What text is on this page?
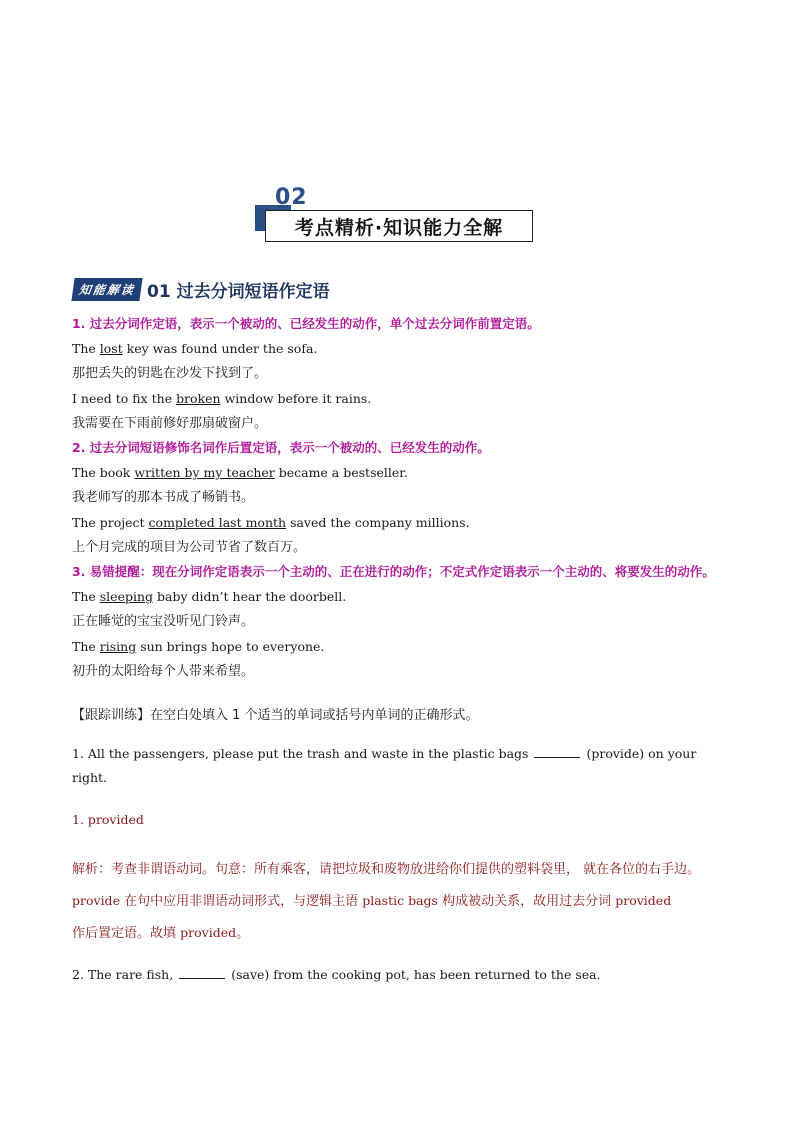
02
考点精析·知识能力全解
知能解读 01 过去分词短语作定语

1. 过去分词作定语，表示一个被动的、已经发生的动作，单个过去分词作前置定语。

The lost key was found under the sofa.

那把丢失的钥匙在沙发下找到了。

I need to fix the broken window before it rains.

我需要在下雨前修好那扇破窗户。

2. 过去分词短语修饰名词作后置定语，表示一个被动的、已经发生的动作。

The book written by my teacher became a bestseller.

我老师写的那本书成了畅销书。

The project completed last month saved the company millions.

上个月完成的项目为公司节省了数百万。

3. 易错提醒：现在分词作定语表示一个主动的、正在进行的动作；不定式作定语表示一个主动的、将要发生的动作。

The sleeping baby didn’t hear the doorbell.

正在睡觉的宝宝没听见门铃声。

The rising sun brings hope to everyone.

初升的太阳给每个人带来希望。

【跟踪训练】在空白处填入 1 个适当的单词或括号内单词的正确形式。

1. All the passengers, please put the trash and waste in the plastic bags	(provide) on your right.

1. provided

解析：考查非谓语动词。句意：所有乘客，请把垃圾和废物放进给你们提供的塑料袋里， 就在各位的右手边。
provide 在句中应用非谓语动词形式，与逻辑主语 plastic bags 构成被动关系，故用过去分词 provided
作后置定语。故填 provided。

2. The rare fish,	(save) from the cooking pot, has been returned to the sea.
